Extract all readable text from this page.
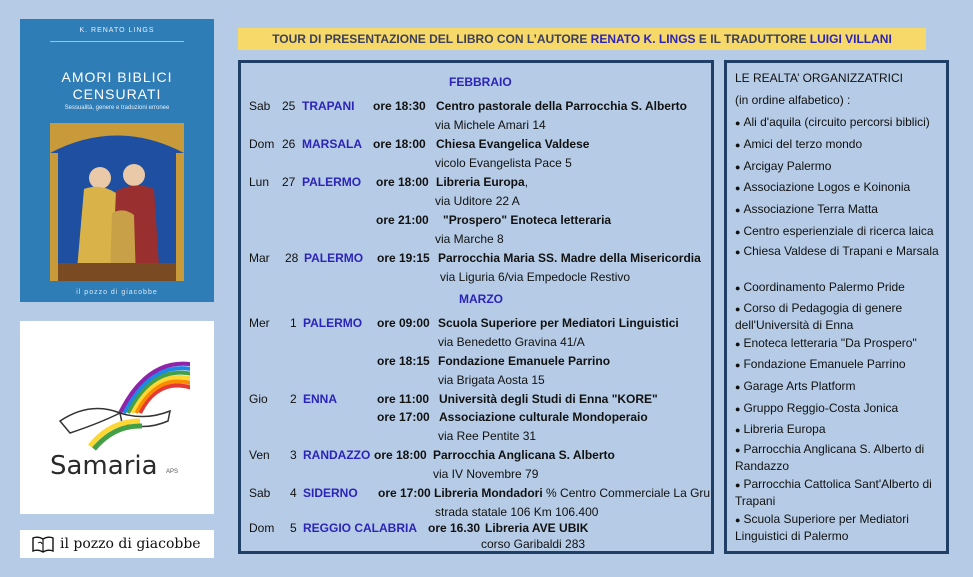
K. RENATO LINGS
AMORI BIBLICI
CENSURATI
Sessualità, genere e traduzioni erronee
il pozzo di giacobbe
Samaria APS
il pozzo di giacobbe
TOUR DI PRESENTAZIONE DEL LIBRO CON L’AUTORE RENATO K. LINGS E IL TRADUTTORE LUIGI VILLANI
FEBBRAIO
Sab 25 TRAPANI ore 18:30 Centro pastorale della Parrocchia S. Alberto
via Michele Amari 14
Dom 26 MARSALA ore 18:00 Chiesa Evangelica Valdese
vicolo Evangelista Pace 5
Lun 27 PALERMO ore 18:00 Libreria Europa,
via Uditore 22 A
ore 21:00 "Prospero" Enoteca letteraria
via Marche 8
Mar 28 PALERMO ore 19:15 Parrocchia Maria SS. Madre della Misericordia
via Liguria 6/via Empedocle Restivo
MARZO
Mer 1 PALERMO ore 09:00 Scuola Superiore per Mediatori Linguistici
via Benedetto Gravina 41/A
ore 18:15 Fondazione Emanuele Parrino
via Brigata Aosta 15
Gio 2 ENNA	ore 11:00 Università degli Studi di Enna "KORE"
ore 17:00 Associazione culturale Mondoperaio
via Ree Pentite 31
Ven 3 RANDAZZO ore 18:00 Parrocchia Anglicana S. Alberto
via IV Novembre 79
Sab 4 SIDERNO ore 17:00 Libreria Mondadori % Centro Commerciale La Gru
strada statale 106 Km 106.400
Dom 5 REGGIO CALABRIA ore 16.30 Libreria AVE UBIK
corso Garibaldi 283
LE REALTA’ ORGANIZZATRICI
(in ordine alfabetico) :
● Ali d'aquila (circuito percorsi biblici)
● Amici del terzo mondo
● Arcigay Palermo
● Associazione Logos e Koinonia
● Associazione Terra Matta
● Centro esperienziale di ricerca laica
● Chiesa Valdese di Trapani e Marsala
● Coordinamento Palermo Pride
● Corso di Pedagogia di genere dell'Università di Enna
● Enoteca letteraria "Da Prospero"
● Fondazione Emanuele Parrino
● Garage Arts Platform
● Gruppo Reggio-Costa Jonica
● Libreria Europa
● Parrocchia Anglicana S. Alberto di Randazzo
● Parrocchia Cattolica Sant'Alberto di Trapani
● Scuola Superiore per Mediatori Linguistici di Palermo
